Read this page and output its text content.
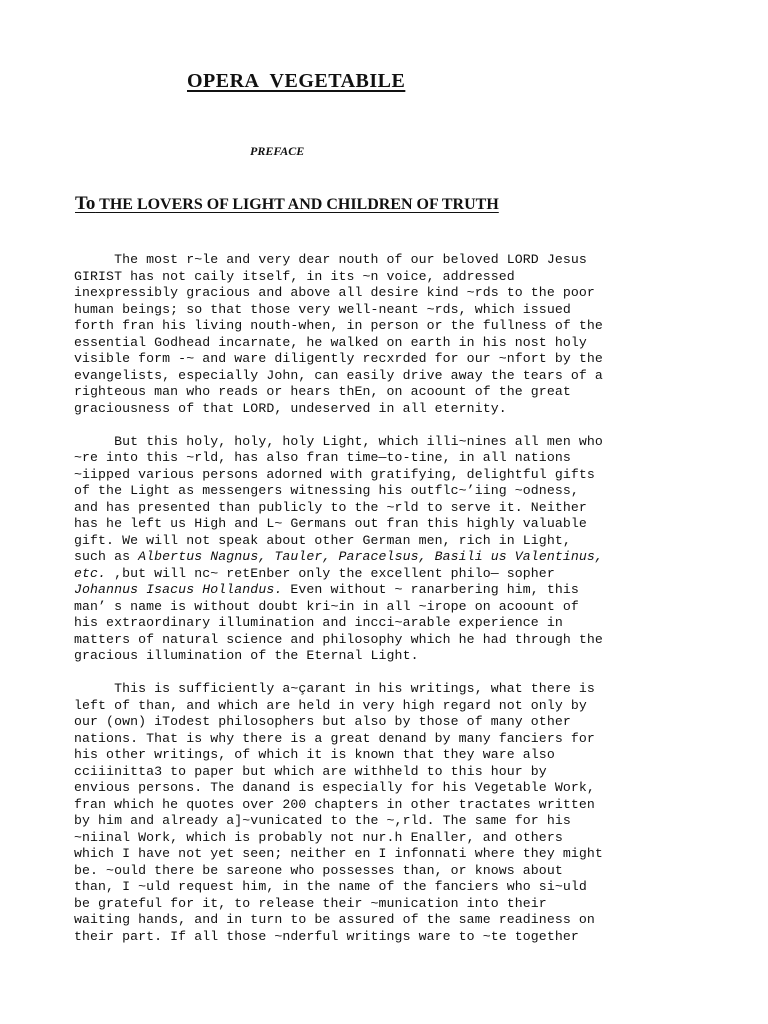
OPERA VEGETABILE
PREFACE
To THE LOVERS OF LIGHT AND CHILDREN OF TRUTH
The most r~le and very dear nouth of our beloved LORD Jesus
GIRIST has not caily itself, in its ~n voice, addressed
inexpressibly gracious and above all desire kind ~rds to the poor
human beings; so that those very well-neant ~rds, which issued
forth fran his living nouth-when, in person or the fullness of the
essential Godhead incarnate, he walked on earth in his nost holy
visible form -~ and ware diligently recxrded for our ~nfort by the
evangelists, especially John, can easily drive away the tears of a
righteous man who reads or hears thEn, on acoount of the great
graciousness of that LORD, undeserved in all eternity.
But this holy, holy, holy Light, which illi~nines all men who
~re into this ~rld, has also fran time—to-tine, in all nations
~iipped various persons adorned with gratifying, delightful gifts
of the Light as messengers witnessing his outflc~’iing ~odness,
and has presented than publicly to the ~rld to serve it. Neither
has he left us High and L~ Germans out fran this highly valuable
gift. We will not speak about other German men, rich in Light,
such as Albertus Nagnus, Tauler, Paracelsus, Basili us Valentinus,
etc. ,but will nc~ retEnber only the excellent philo— sopher
Johannus Isacus Hollandus. Even without ~ ranarbering him, this
man’ s name is without doubt kri~in in all ~irope on acoount of
his extraordinary illumination and incci~arable experience in
matters of natural science and philosophy which he had through the
gracious illumination of the Eternal Light.
This is sufficiently a~çarant in his writings, what there is
left of than, and which are held in very high regard not only by
our (own) iTodest philosophers but also by those of many other
nations. That is why there is a great denand by many fanciers for
his other writings, of which it is known that they ware also
cciiinitta3 to paper but which are withheld to this hour by
envious persons. The danand is especially for his Vegetable Work,
fran which he quotes over 200 chapters in other tractates written
by him and already a]~vunicated to the ~,rld. The same for his
~niinal Work, which is probably not nur.h Enaller, and others
which I have not yet seen; neither en I infonnati where they might
be. ~ould there be sareone who possesses than, or knows about
than, I ~uld request him, in the name of the fanciers who si~uld
be grateful for it, to release their ~munication into their
waiting hands, and in turn to be assured of the same readiness on
their part. If all those ~nderful writings ware to ~te together
